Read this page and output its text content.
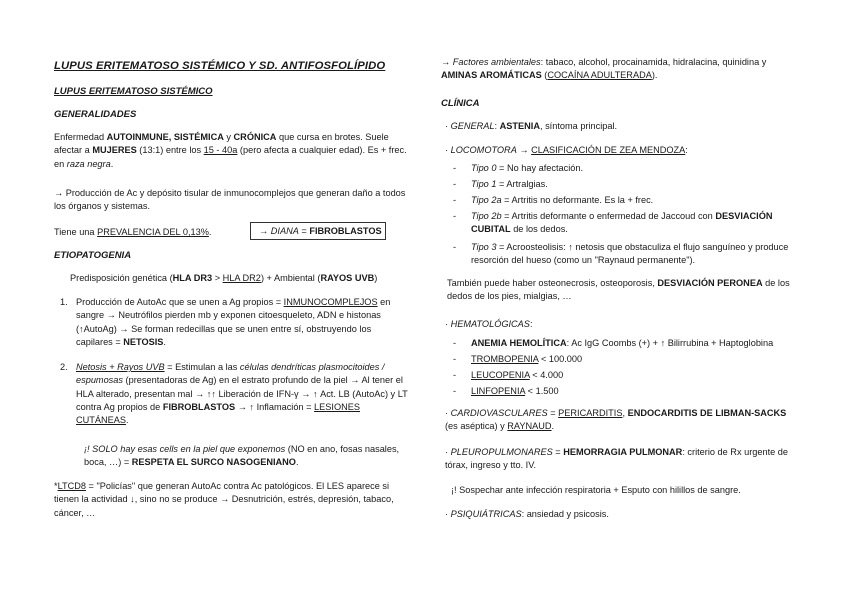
LUPUS ERITEMATOSO SISTÉMICO Y SD. ANTIFOSFOLÍPIDO
LUPUS ERITEMATOSO SISTÉMICO
GENERALIDADES
Enfermedad AUTOINMUNE, SISTÉMICA y CRÓNICA que cursa en brotes. Suele afectar a MUJERES (13:1) entre los 15 - 40a (pero afecta a cualquier edad). Es + frec. en raza negra.
→ Producción de Ac y depósito tisular de inmunocomplejos que generan daño a todos los órganos y sistemas.
Tiene una PREVALENCIA DEL 0,13%.	→ DIANA = FIBROBLASTOS
ETIOPATOGENIA
Predisposición genética (HLA DR3 > HLA DR2) + Ambiental (RAYOS UVB)
1. Producción de AutoAc que se unen a Ag propios = INMUNOCOMPLEJOS en sangre → Neutrófilos pierden mb y exponen citoesqueleto, ADN e histonas (↑AutoAg) → Se forman redecillas que se unen entre sí, obstruyendo los capilares = NETOSIS.
2. Netosis + Rayos UVB = Estimulan a las células dendríticas plasmocitoides / espumosas (presentadoras de Ag) en el estrato profundo de la piel → Al tener el HLA alterado, presentan mal → ↑↑ Liberación de IFN-γ → ↑ Act. LB (AutoAc) y LT contra Ag propios de FIBROBLASTOS → ↑ Inflamación = LESIONES CUTÁNEAS.
¡! SOLO hay esas cells en la piel que exponemos (NO en ano, fosas nasales, boca, …) = RESPETA EL SURCO NASOGENIANO.
*LTCD8 = "Policías" que generan AutoAc contra Ac patológicos. El LES aparece si tienen la actividad ↓, sino no se produce → Desnutrición, estrés, depresión, tabaco, cáncer, …
→ Factores ambientales: tabaco, alcohol, procainamida, hidralacina, quinidina y AMINAS AROMÁTICAS (COCAÍNA ADULTERADA).
CLÍNICA
· GENERAL: ASTENIA, síntoma principal.
· LOCOMOTORA → CLASIFICACIÓN DE ZEA MENDOZA:
-	Tipo 0 = No hay afectación.
-	Tipo 1 = Artralgias.
-	Tipo 2a = Artritis no deformante. Es la + frec.
-	Tipo 2b = Artritis deformante o enfermedad de Jaccoud con DESVIACIÓN CUBITAL de los dedos.
-	Tipo 3 = Acroosteolisis: ↑ netosis que obstaculiza el flujo sanguíneo y produce resorción del hueso (como un "Raynaud permanente").
También puede haber osteonecrosis, osteoporosis, DESVIACIÓN PERONEA de los dedos de los pies, mialgias, …
· HEMATOLÓGICAS:
-	ANEMIA HEMOLÍTICA: Ac IgG Coombs (+) + ↑ Bilirrubina + Haptoglobina
-	TROMBOPENIA < 100.000
-	LEUCOPENIA < 4.000
-	LINFOPENIA < 1.500
· CARDIOVASCULARES = PERICARDITIS, ENDOCARDITIS DE LIBMAN-SACKS (es aséptica) y RAYNAUD.
· PLEUROPULMONARES = HEMORRAGIA PULMONAR: criterio de Rx urgente de tórax, ingreso y tto. IV.
¡! Sospechar ante infección respiratoria + Esputo con hilillos de sangre.
· PSIQUIÁTRICAS: ansiedad y psicosis.
